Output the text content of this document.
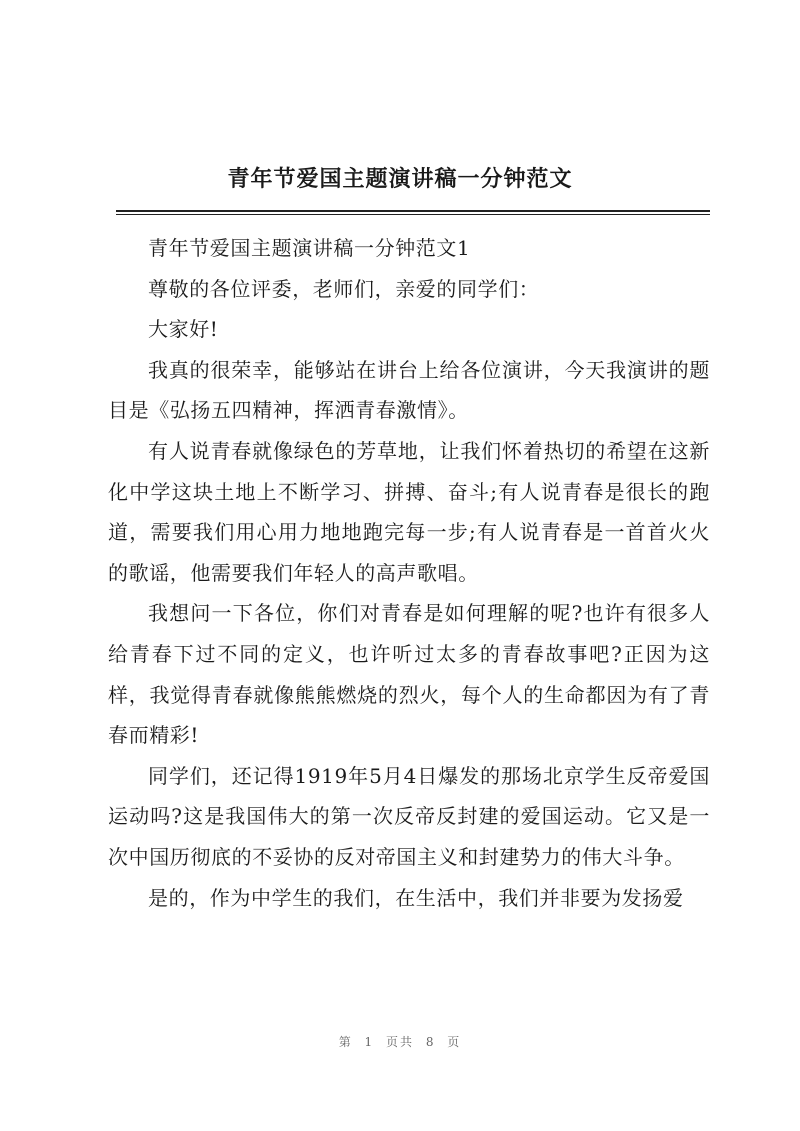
青年节爱国主题演讲稿一分钟范文

青年节爱国主题演讲稿一分钟范文1

尊敬的各位评委，老师们，亲爱的同学们：

大家好!

我真的很荣幸，能够站在讲台上给各位演讲，今天我演讲的题目是《弘扬五四精神，挥洒青春激情》。

有人说青春就像绿色的芳草地，让我们怀着热切的希望在这新化中学这块土地上不断学习、拼搏、奋斗;有人说青春是很长的跑道，需要我们用心用力地地跑完每一步;有人说青春是一首首火火的歌谣，他需要我们年轻人的高声歌唱。

我想问一下各位，你们对青春是如何理解的呢?也许有很多人给青春下过不同的定义，也许听过太多的青春故事吧?正因为这样，我觉得青春就像熊熊燃烧的烈火，每个人的生命都因为有了青春而精彩!

同学们，还记得1919年5月4日爆发的那场北京学生反帝爱国运动吗?这是我国伟大的第一次反帝反封建的爱国运动。它又是一次中国历彻底的不妥协的反对帝国主义和封建势力的伟大斗争。

是的，作为中学生的我们，在生活中，我们并非要为发扬爱

第 1 页共 8 页
